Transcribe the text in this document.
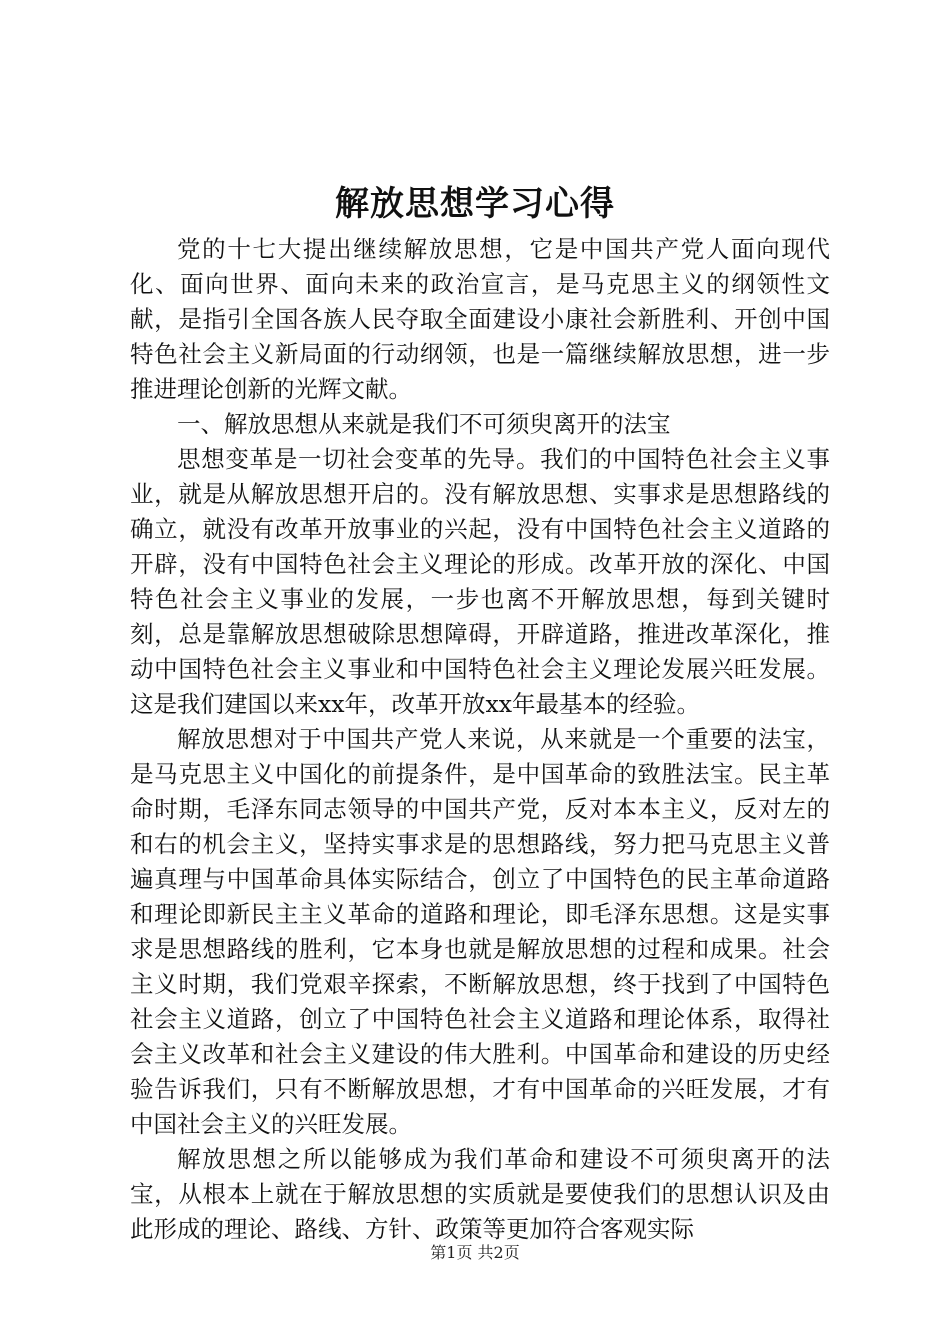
解放思想学习心得

党的十七大提出继续解放思想，它是中国共产党人面向现代化、面向世界、面向未来的政治宣言，是马克思主义的纲领性文献，是指引全国各族人民夺取全面建设小康社会新胜利、开创中国特色社会主义新局面的行动纲领，也是一篇继续解放思想，进一步推进理论创新的光辉文献。

一、解放思想从来就是我们不可须臾离开的法宝

思想变革是一切社会变革的先导。我们的中国特色社会主义事业，就是从解放思想开启的。没有解放思想、实事求是思想路线的确立，就没有改革开放事业的兴起，没有中国特色社会主义道路的开辟，没有中国特色社会主义理论的形成。改革开放的深化、中国特色社会主义事业的发展，一步也离不开解放思想，每到关键时刻，总是靠解放思想破除思想障碍，开辟道路，推进改革深化，推动中国特色社会主义事业和中国特色社会主义理论发展兴旺发展。这是我们建国以来xx年，改革开放xx年最基本的经验。

解放思想对于中国共产党人来说，从来就是一个重要的法宝，是马克思主义中国化的前提条件，是中国革命的致胜法宝。民主革命时期，毛泽东同志领导的中国共产党，反对本本主义，反对左的和右的机会主义，坚持实事求是的思想路线，努力把马克思主义普遍真理与中国革命具体实际结合，创立了中国特色的民主革命道路和理论即新民主主义革命的道路和理论，即毛泽东思想。这是实事求是思想路线的胜利，它本身也就是解放思想的过程和成果。社会主义时期，我们党艰辛探索，不断解放思想，终于找到了中国特色社会主义道路，创立了中国特色社会主义道路和理论体系，取得社会主义改革和社会主义建设的伟大胜利。中国革命和建设的历史经验告诉我们，只有不断解放思想，才有中国革命的兴旺发展，才有中国社会主义的兴旺发展。

解放思想之所以能够成为我们革命和建设不可须臾离开的法宝，从根本上就在于解放思想的实质就是要使我们的思想认识及由此形成的理论、路线、方针、政策等更加符合客观实际

第1页 共2页
